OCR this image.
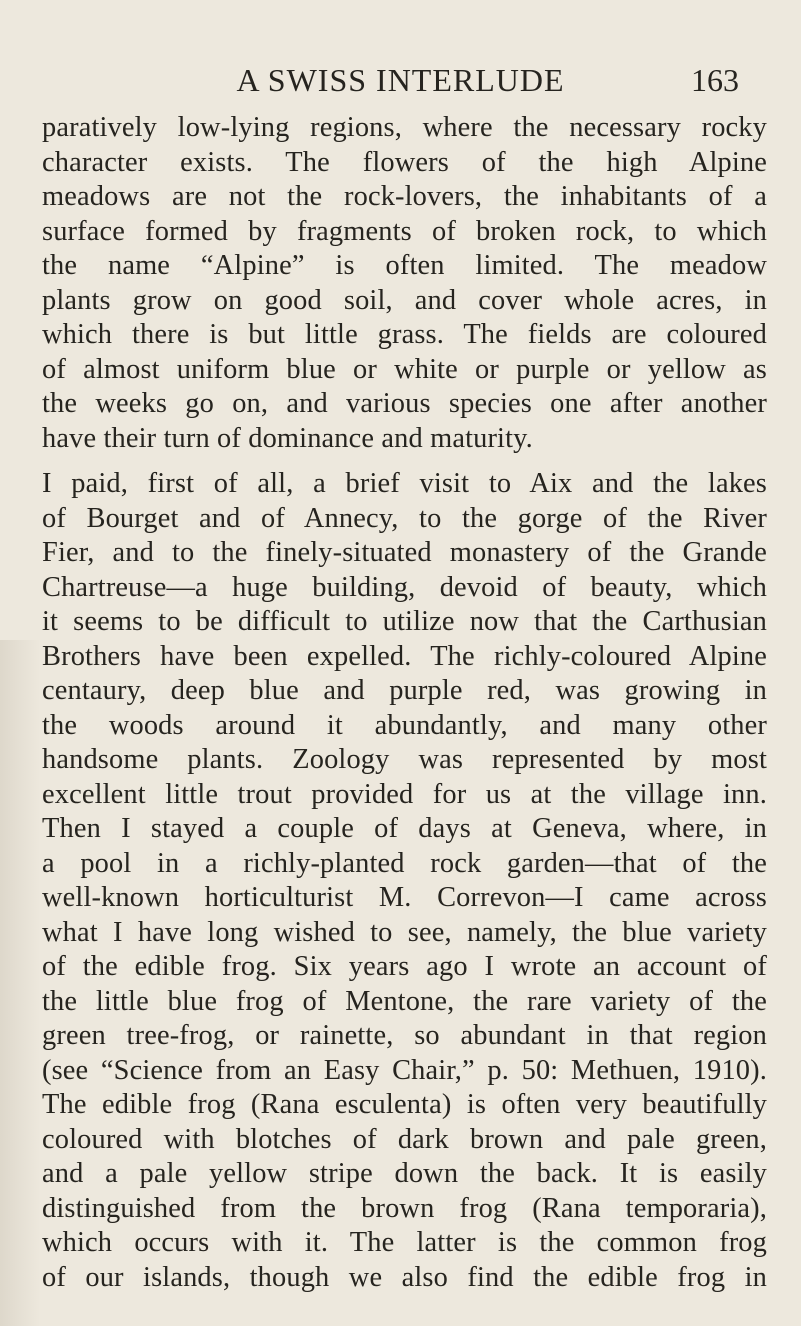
A SWISS INTERLUDE	163
paratively low-lying regions, where the necessary rocky
character exists. The flowers of the high Alpine
meadows are not the rock-lovers, the inhabitants of a
surface formed by fragments of broken rock, to which
the name “Alpine” is often limited. The meadow
plants grow on good soil, and cover whole acres, in
which there is but little grass. The fields are coloured
of almost uniform blue or white or purple or yellow as
the weeks go on, and various species one after another
have their turn of dominance and maturity.
I paid, first of all, a brief visit to Aix and the lakes
of Bourget and of Annecy, to the gorge of the River
Fier, and to the finely-situated monastery of the Grande
Chartreuse—a huge building, devoid of beauty, which
it seems to be difficult to utilize now that the Carthusian
Brothers have been expelled. The richly-coloured Alpine
centaury, deep blue and purple red, was growing in
the woods around it abundantly, and many other
handsome plants. Zoology was represented by most
excellent little trout provided for us at the village inn.
Then I stayed a couple of days at Geneva, where, in
a pool in a richly-planted rock garden—that of the
well-known horticulturist M. Correvon—I came across
what I have long wished to see, namely, the blue variety
of the edible frog. Six years ago I wrote an account of
the little blue frog of Mentone, the rare variety of the
green tree-frog, or rainette, so abundant in that region
(see “Science from an Easy Chair,” p. 50: Methuen, 1910).
The edible frog (Rana esculenta) is often very beautifully
coloured with blotches of dark brown and pale green,
and a pale yellow stripe down the back. It is easily
distinguished from the brown frog (Rana temporaria),
which occurs with it. The latter is the common frog
of our islands, though we also find the edible frog in
